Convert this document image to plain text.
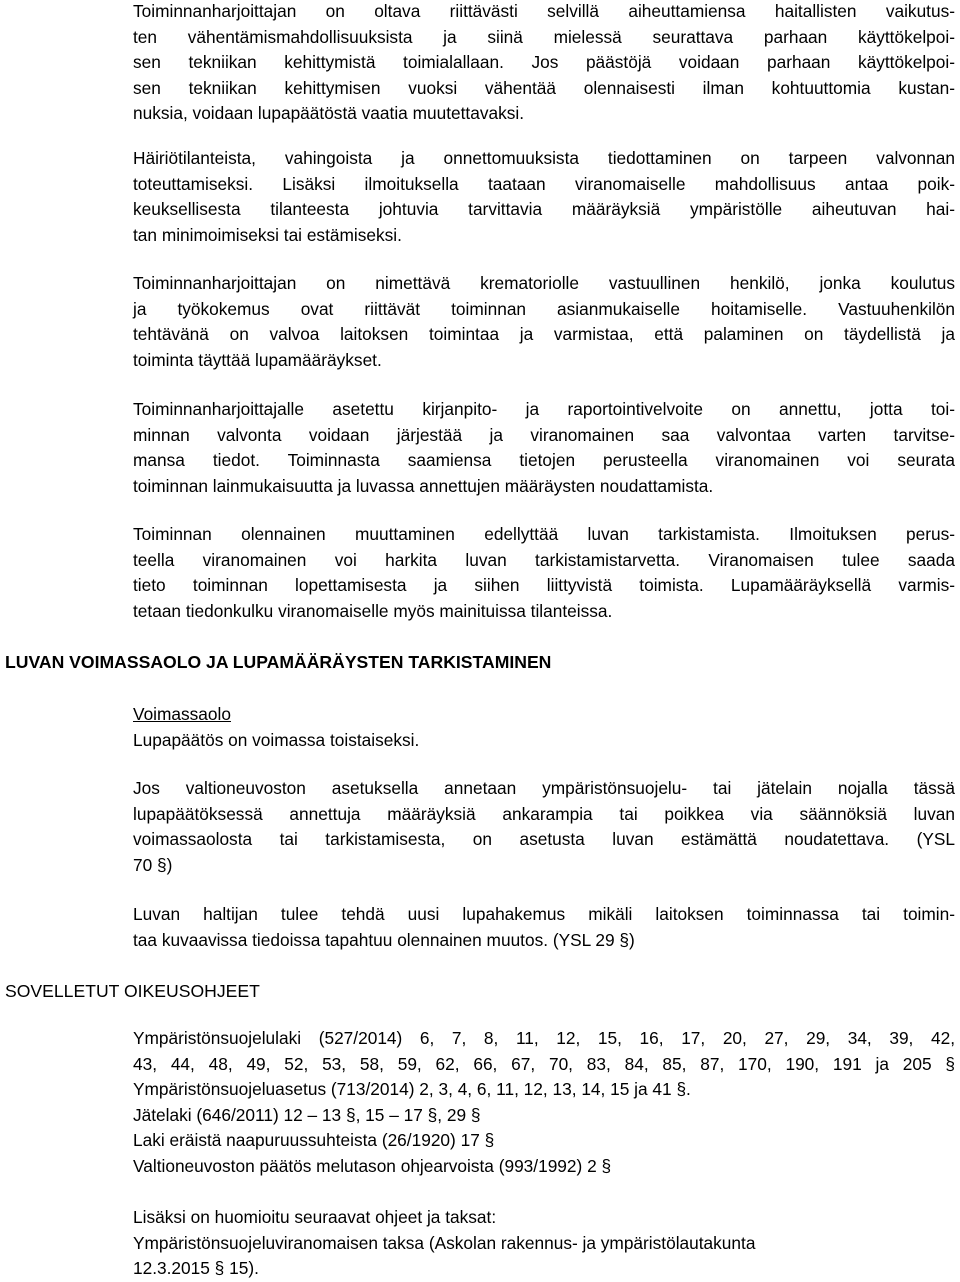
Toiminnanharjoittajan on oltava riittävästi selvillä aiheuttamiensa haitallisten vaikutus-
ten vähentämismahdollisuuksista ja siinä mielessä seurattava parhaan käyttökelpoi-
sen tekniikan kehittymistä toimialallaan. Jos päästöjä voidaan parhaan käyttökelpoi-
sen tekniikan kehittymisen vuoksi vähentää olennaisesti ilman kohtuuttomia kustan-
nuksia, voidaan lupapäätöstä vaatia muutettavaksi.
Häiriötilanteista, vahingoista ja onnettomuuksista tiedottaminen on tarpeen valvonnan
toteuttamiseksi. Lisäksi ilmoituksella taataan viranomaiselle mahdollisuus antaa poik-
keuksellisesta tilanteesta johtuvia tarvittavia määräyksiä ympäristölle aiheutuvan hai-
tan minimoimiseksi tai estämiseksi.
Toiminnanharjoittajan on nimettävä krematoriolle vastuullinen henkilö, jonka koulutus
ja työkokemus ovat riittävät toiminnan asianmukaiselle hoitamiselle. Vastuuhenkilön
tehtävänä on valvoa laitoksen toimintaa ja varmistaa, että palaminen on täydellistä ja
toiminta täyttää lupamääräykset.
Toiminnanharjoittajalle asetettu kirjanpito- ja raportointivelvoite on annettu, jotta toi-
minnan valvonta voidaan järjestää ja viranomainen saa valvontaa varten tarvitse-
mansa tiedot. Toiminnasta saamiensa tietojen perusteella viranomainen voi seurata
toiminnan lainmukaisuutta ja luvassa annettujen määräysten noudattamista.
Toiminnan olennainen muuttaminen edellyttää luvan tarkistamista. Ilmoituksen perus-
teella viranomainen voi harkita luvan tarkistamistarvetta. Viranomaisen tulee saada
tieto toiminnan lopettamisesta ja siihen liittyvistä toimista. Lupamääräyksellä varmis-
tetaan tiedonkulku viranomaiselle myös mainituissa tilanteissa.
LUVAN VOIMASSAOLO JA LUPAMÄÄRÄYSTEN TARKISTAMINEN
Voimassaolo
Lupapäätös on voimassa toistaiseksi.
Jos valtioneuvoston asetuksella annetaan ympäristönsuojelu- tai jätelain nojalla tässä
lupapäätöksessä annettuja määräyksiä ankarampia tai poikkea via säännöksiä luvan
voimassaolosta tai tarkistamisesta, on asetusta luvan estämättä noudatettava. (YSL
70 §)
Luvan haltijan tulee tehdä uusi lupahakemus mikäli laitoksen toiminnassa tai toimin-
taa kuvaavissa tiedoissa tapahtuu olennainen muutos. (YSL 29 §)
SOVELLETUT OIKEUSOHJEET
Ympäristönsuojelulaki (527/2014) 6, 7, 8, 11, 12, 15, 16, 17, 20, 27, 29, 34, 39, 42,
43, 44, 48, 49, 52, 53, 58, 59, 62, 66, 67, 70, 83, 84, 85, 87, 170, 190, 191 ja 205 §
Ympäristönsuojeluasetus (713/2014) 2, 3, 4, 6, 11, 12, 13, 14, 15 ja 41 §.
Jätelaki (646/2011) 12 – 13 §, 15 – 17 §, 29 §
Laki eräistä naapuruussuhteista (26/1920) 17 §
Valtioneuvoston päätös melutason ohjearvoista (993/1992) 2 §
Lisäksi on huomioitu seuraavat ohjeet ja taksat:
Ympäristönsuojeluviranomaisen taksa (Askolan rakennus- ja ympäristölautakunta
12.3.2015 § 15).
